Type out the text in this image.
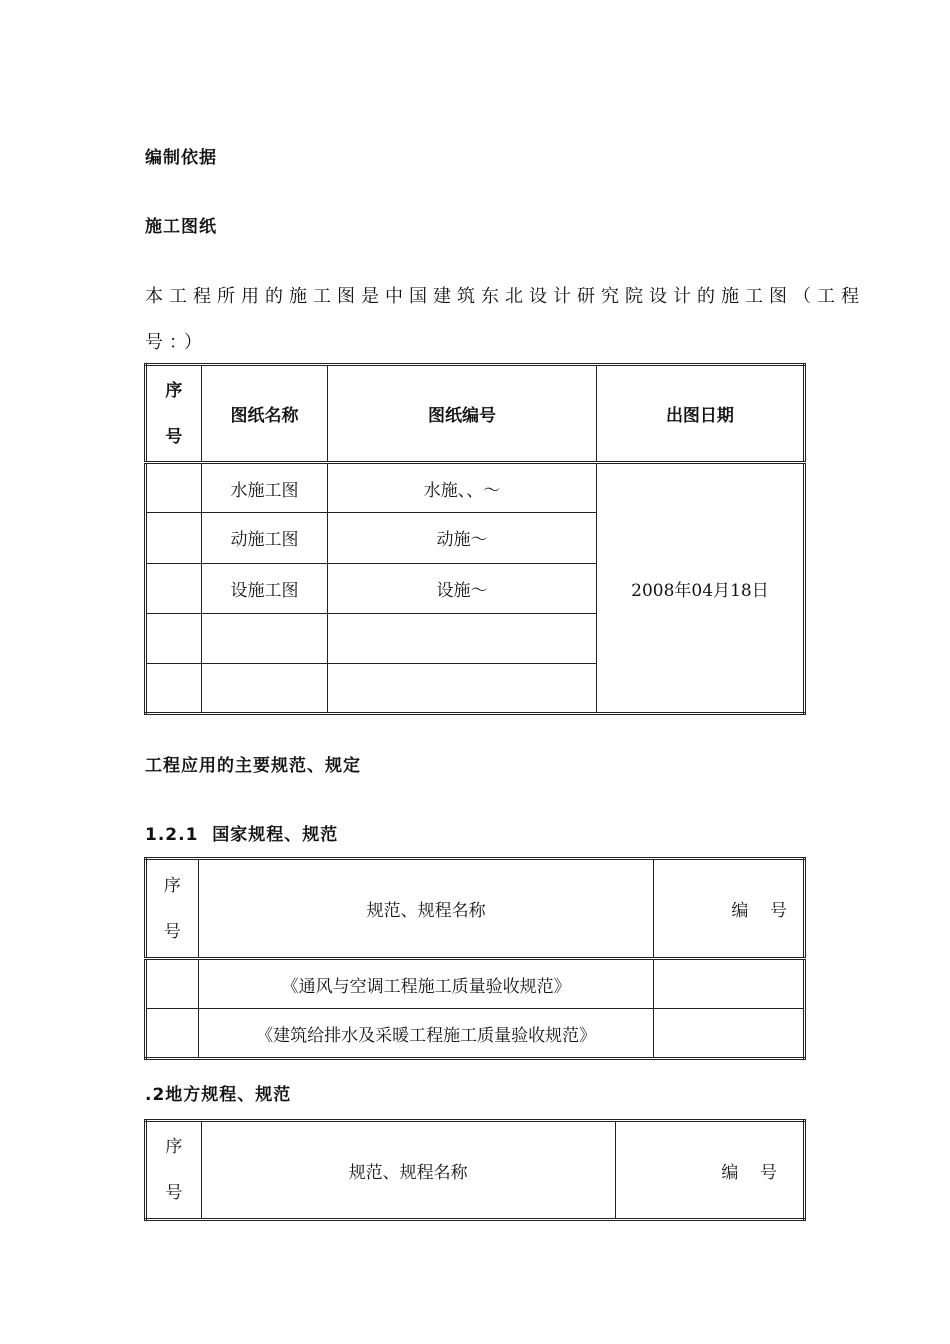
编制依据
施工图纸
本工程所用的施工图是中国建筑东北设计研究院设计的施工图（工程
号：）
序
号	图纸名称	图纸编号	出图日期
	水施工图	水施、、～	2008年04月18日
	动施工图	动施～	
	设施工图	设施～	

工程应用的主要规范、规定
1.2.1  国家规程、规范
序
号	规范、规程名称	编    号
	《通风与空调工程施工质量验收规范》	
	《建筑给排水及采暖工程施工质量验收规范》	
.2地方规程、规范
序
号	规范、规程名称	编    号
